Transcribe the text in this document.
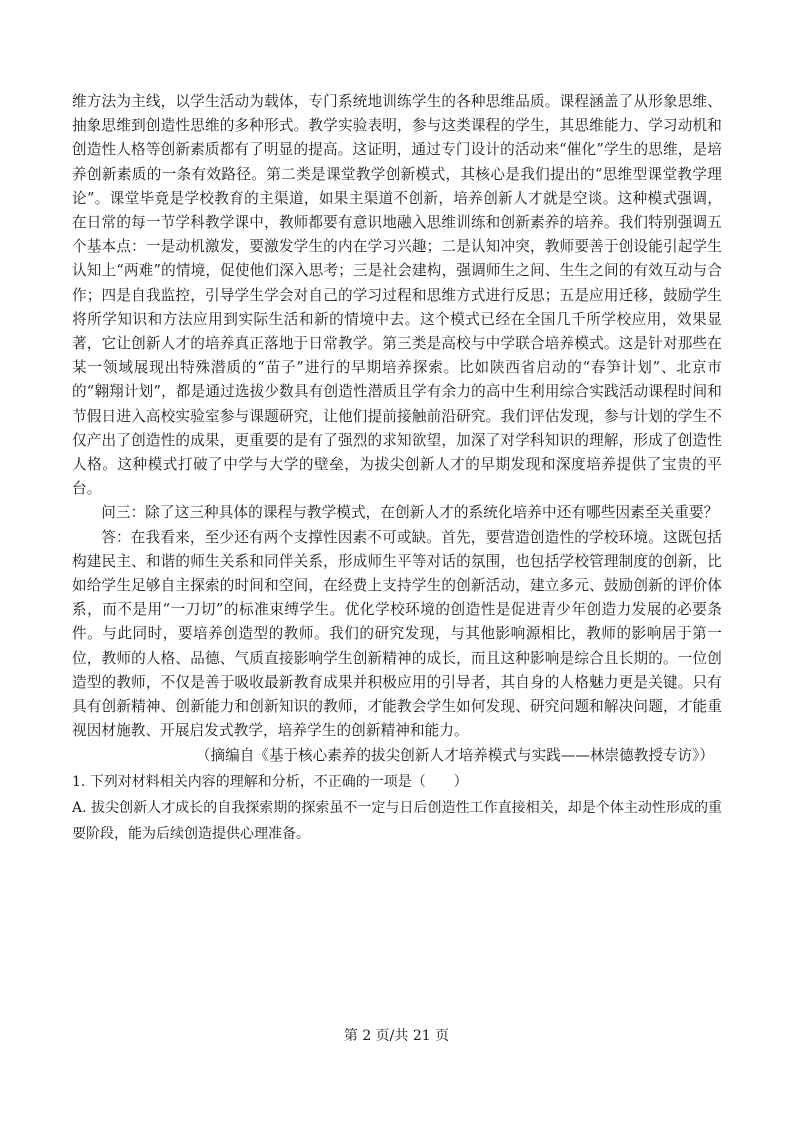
维方法为主线，以学生活动为载体，专门系统地训练学生的各种思维品质。课程涵盖了从形象思维、抽象思维到创造性思维的多种形式。教学实验表明，参与这类课程的学生，其思维能力、学习动机和创造性人格等创新素质都有了明显的提高。这证明，通过专门设计的活动来“催化”学生的思维，是培养创新素质的一条有效路径。第二类是课堂教学创新模式，其核心是我们提出的“思维型课堂教学理论”。课堂毕竟是学校教育的主渠道，如果主渠道不创新，培养创新人才就是空谈。这种模式强调，在日常的每一节学科教学课中，教师都要有意识地融入思维训练和创新素养的培养。我们特别强调五个基本点：一是动机激发，要激发学生的内在学习兴趣；二是认知冲突，教师要善于创设能引起学生认知上“两难”的情境，促使他们深入思考；三是社会建构，强调师生之间、生生之间的有效互动与合作；四是自我监控，引导学生学会对自己的学习过程和思维方式进行反思；五是应用迁移，鼓励学生将所学知识和方法应用到实际生活和新的情境中去。这个模式已经在全国几千所学校应用，效果显著，它让创新人才的培养真正落地于日常教学。第三类是高校与中学联合培养模式。这是针对那些在某一领域展现出特殊潜质的“苗子”进行的早期培养探索。比如陕西省启动的“春笋计划”、北京市的“翱翔计划”，都是通过选拔少数具有创造性潜质且学有余力的高中生利用综合实践活动课程时间和节假日进入高校实验室参与课题研究，让他们提前接触前沿研究。我们评估发现，参与计划的学生不仅产出了创造性的成果，更重要的是有了强烈的求知欲望，加深了对学科知识的理解，形成了创造性人格。这种模式打破了中学与大学的壁垒，为拔尖创新人才的早期发现和深度培养提供了宝贵的平台。

问三：除了这三种具体的课程与教学模式，在创新人才的系统化培养中还有哪些因素至关重要？

答：在我看来，至少还有两个支撑性因素不可或缺。首先，要营造创造性的学校环境。这既包括构建民主、和谐的师生关系和同伴关系，形成师生平等对话的氛围，也包括学校管理制度的创新，比如给学生足够自主探索的时间和空间，在经费上支持学生的创新活动，建立多元、鼓励创新的评价体系，而不是用“一刀切”的标准束缚学生。优化学校环境的创造性是促进青少年创造力发展的必要条件。与此同时，要培养创造型的教师。我们的研究发现，与其他影响源相比，教师的影响居于第一位，教师的人格、品德、气质直接影响学生创新精神的成长，而且这种影响是综合且长期的。一位创造型的教师，不仅是善于吸收最新教育成果并积极应用的引导者，其自身的人格魅力更是关键。只有具有创新精神、创新能力和创新知识的教师，才能教会学生如何发现、研究问题和解决问题，才能重视因材施教、开展启发式教学，培养学生的创新精神和能力。

（摘编自《基于核心素养的拔尖创新人才培养模式与实践——林崇德教授专访》）

1. 下列对材料相关内容的理解和分析，不正确的一项是（　　）

A. 拔尖创新人才成长的自我探索期的探索虽不一定与日后创造性工作直接相关，却是个体主动性形成的重要阶段，能为后续创造提供心理准备。

第 2 页/共 21 页
